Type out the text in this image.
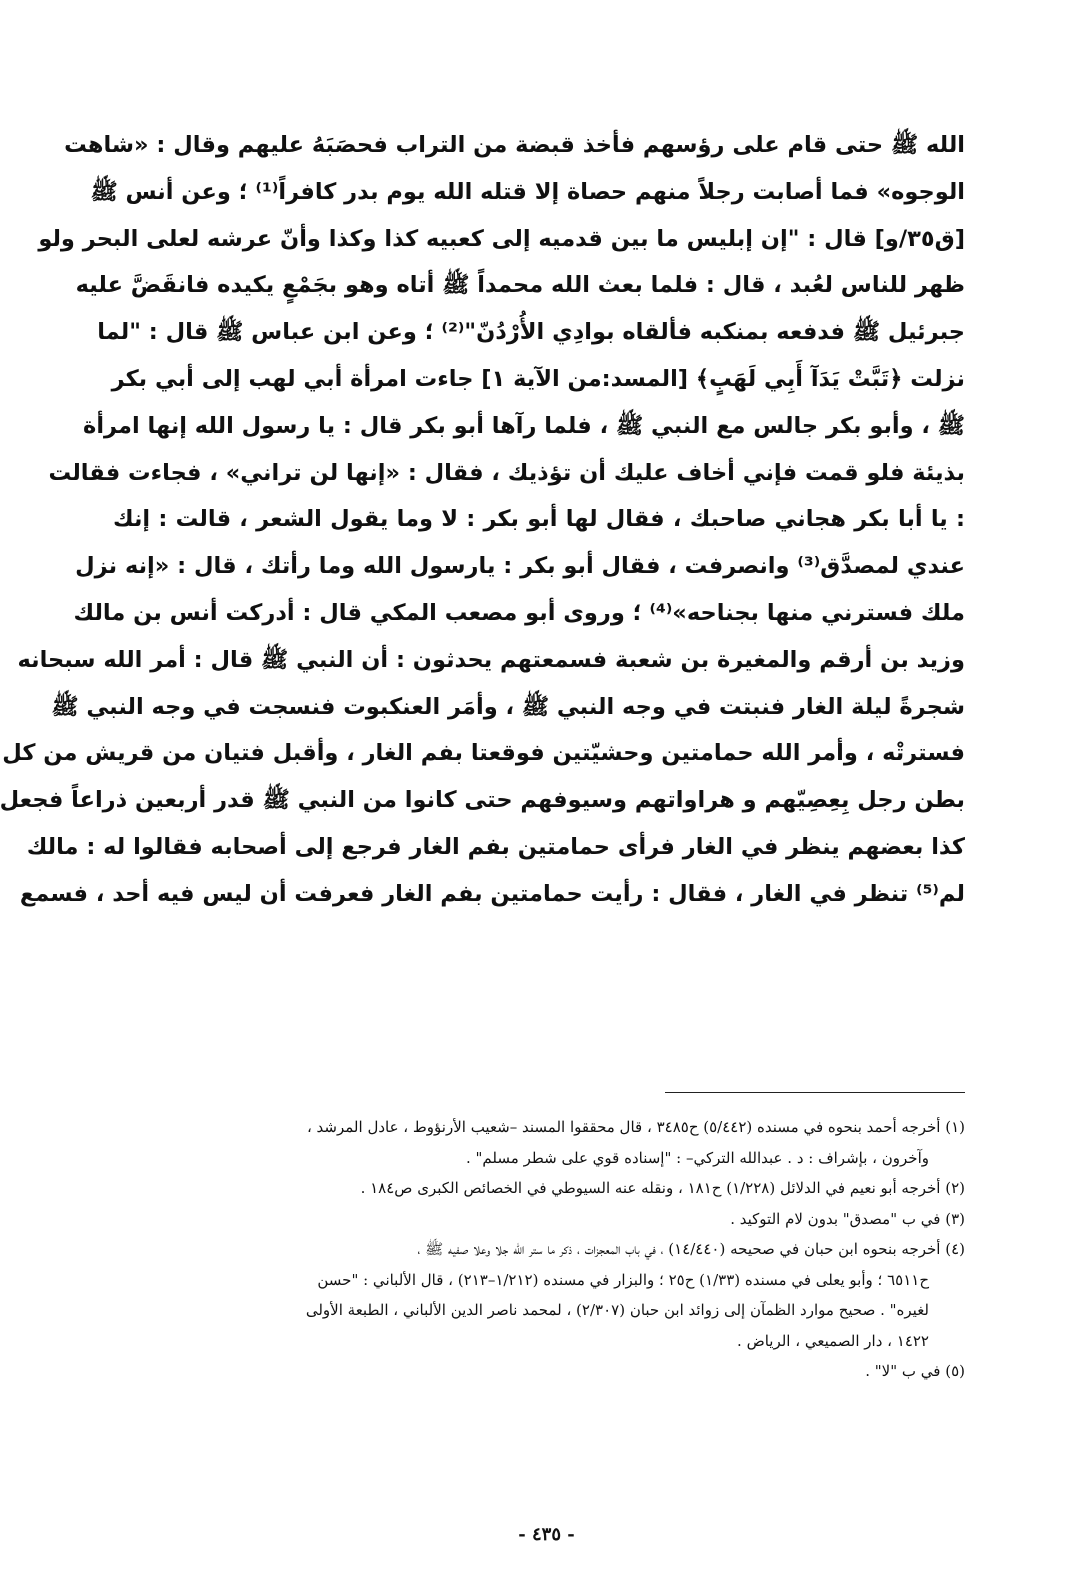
الله ﷺ حتى قام على رؤسهم فأخذ قبضة من التراب فحصَبَهُ عليهم وقال : «شاهت
الوجوه» فما أصابت رجلاً منهم حصاة إلا قتله الله يوم بدر كافراً⁽¹⁾ ؛ وعن أنس ﷺ
[ق٣٥/و] قال : "إن إبليس ما بين قدميه إلى كعبيه كذا وكذا وأنّ عرشه لعلى البحر ولو
ظهر للناس لعُبد ، قال : فلما بعث الله محمداً ﷺ أتاه وهو بجَمْعٍ يكيده فانقَضَّ عليه
جبرئيل ﷺ فدفعه بمنكبه فألقاه بوادِي الأُرْدُنّ"⁽²⁾ ؛ وعن ابن عباس ﷺ قال : "لما
نزلت ﴿تَبَّتْ يَدَآ أَبِي لَهَبٍ﴾ [المسد:من الآية ١] جاءت امرأة أبي لهب إلى أبي بكر
ﷺ ، وأبو بكر جالس مع النبي ﷺ ، فلما رآها أبو بكر قال : يا رسول الله إنها امرأة
بذيئة فلو قمت فإني أخاف عليك أن تؤذيك ، فقال : «إنها لن تراني» ، فجاءت فقالت
: يا أبا بكر هجاني صاحبك ، فقال لها أبو بكر : لا وما يقول الشعر ، قالت : إنك
عندي لمصدَّق⁽³⁾ وانصرفت ، فقال أبو بكر : يارسول الله وما رأتك ، قال : «إنه نزل
ملك فسترني منها بجناحه»⁽⁴⁾ ؛ وروى أبو مصعب المكي قال : أدركت أنس بن مالك
وزيد بن أرقم والمغيرة بن شعبة فسمعتهم يحدثون : أن النبي ﷺ قال : أمر الله سبحانه
شجرةً ليلة الغار فنبتت في وجه النبي ﷺ ، وأمَر العنكبوت فنسجت في وجه النبي ﷺ
فسترتْه ، وأمر الله حمامتين وحشيّتين فوقعتا بفم الغار ، وأقبل فتيان من قريش من كل
بطن رجل بِعِصِيّهم و هراواتهم وسيوفهم حتى كانوا من النبي ﷺ قدر أربعين ذراعاً فجعل
كذا بعضهم ينظر في الغار فرأى حمامتين بفم الغار فرجع إلى أصحابه فقالوا له : مالك
لم⁽⁵⁾ تنظر في الغار ، فقال : رأيت حمامتين بفم الغار فعرفت أن ليس فيه أحد ، فسمع
(١) أخرجه أحمد بنحوه في مسنده (٥/٤٤٢) ح٣٤٨٥ ، قال محققوا المسند –شعيب الأرنؤوط ، عادل المرشد ،
وآخرون ، بإشراف : د . عبدالله التركي– : "إسناده قوي على شطر مسلم" .
(٢) أخرجه أبو نعيم في الدلائل (١/٢٢٨) ح١٨١ ، ونقله عنه السيوطي في الخصائص الكبرى ص١٨٤ .
(٣) في ب "مصدق" بدون لام التوكيد .
(٤) أخرجه بنحوه ابن حبان في صحيحه (١٤/٤٤٠) ، في باب المعجزات ، ذكر ما ستر الله جلا وعلا صفيه ﷺ ،
ح٦٥١١ ؛ وأبو يعلى في مسنده (١/٣٣) ح٢٥ ؛ والبزار في مسنده (١/٢١٢–٢١٣) ، قال الألباني : "حسن
لغيره" . صحيح موارد الظمآن إلى زوائد ابن حبان (٢/٣٠٧) ، لمحمد ناصر الدين الألباني ، الطبعة الأولى
١٤٢٢ ، دار الصميعي ، الرياض .
(٥) في ب "لا" .
- ٤٣٥ -
